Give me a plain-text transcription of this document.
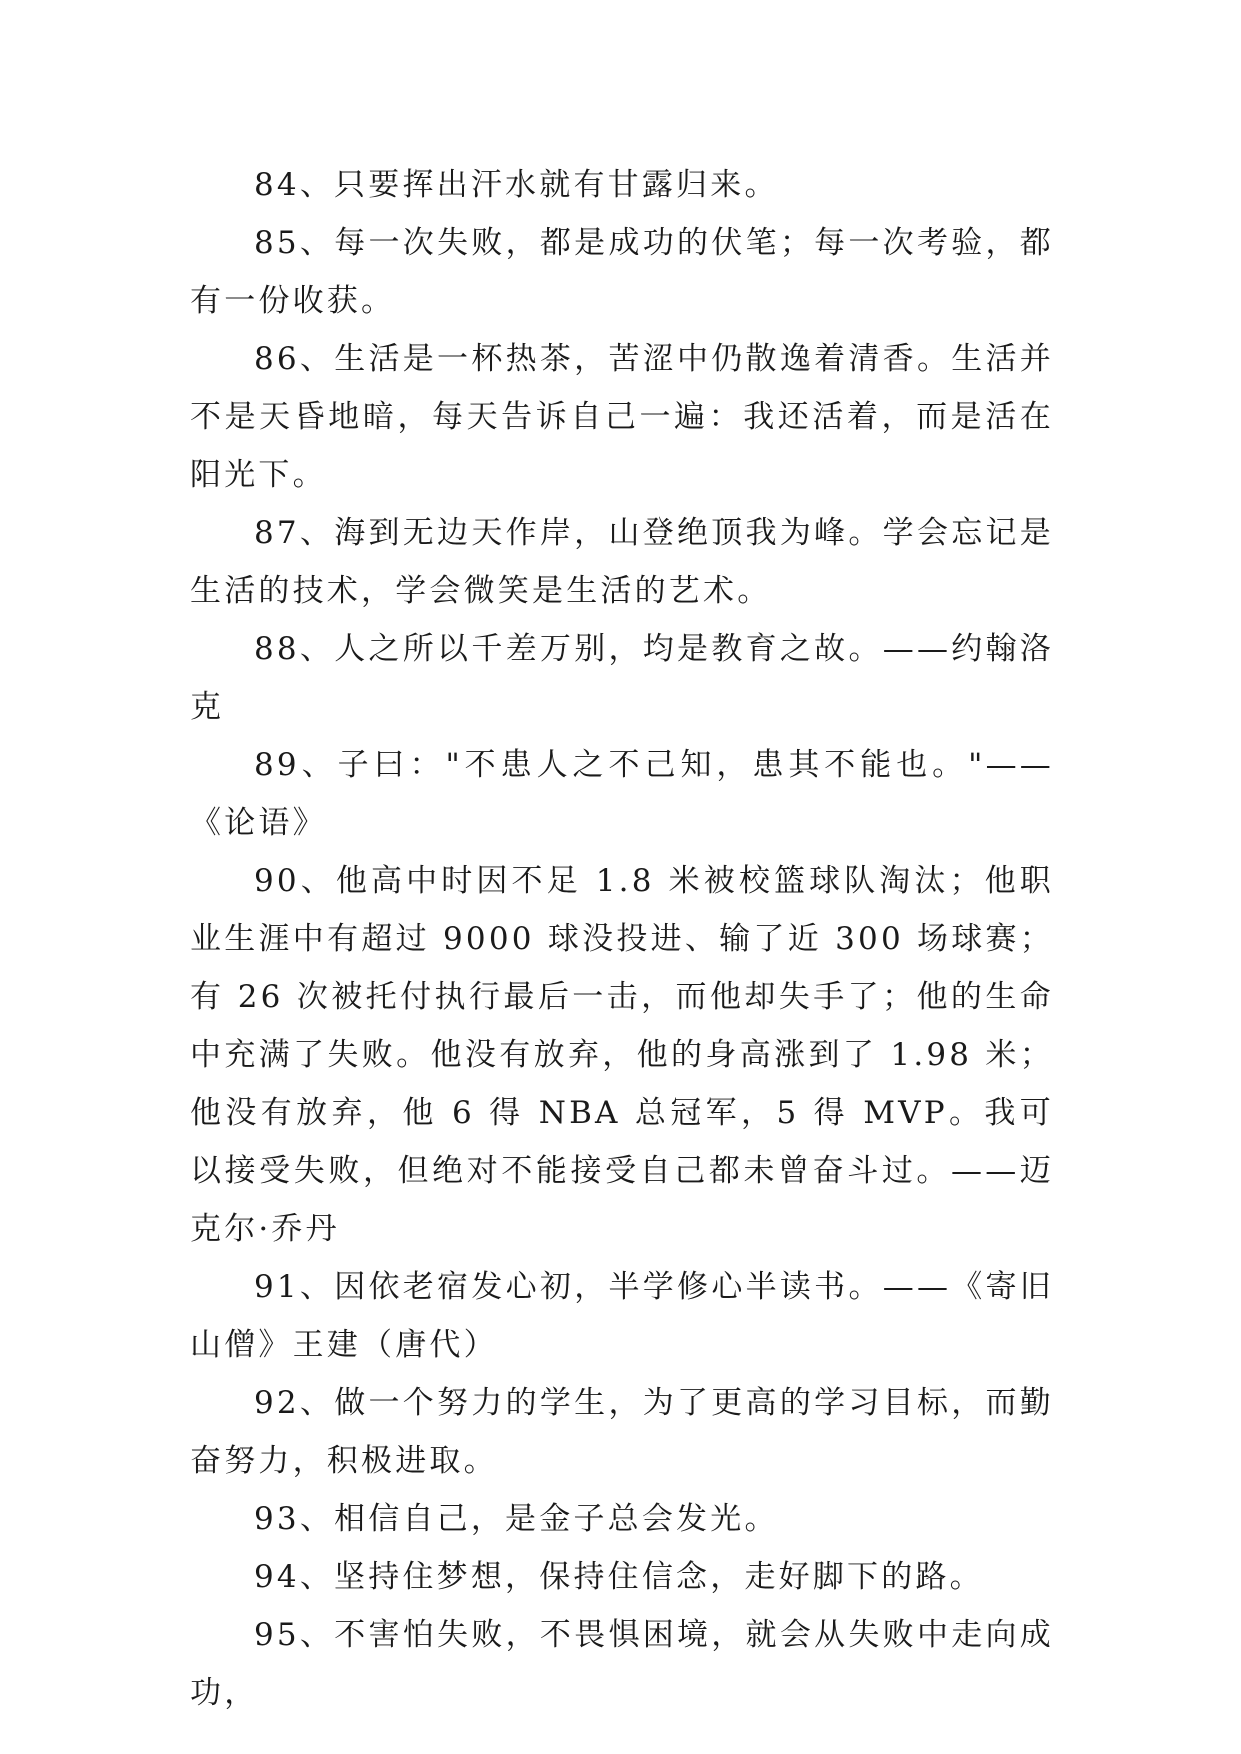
84、只要挥出汗水就有甘露归来。

85、每一次失败，都是成功的伏笔；每一次考验，都有一份收获。

86、生活是一杯热茶，苦涩中仍散逸着清香。生活并不是天昏地暗，每天告诉自己一遍：我还活着，而是活在阳光下。

87、海到无边天作岸，山登绝顶我为峰。学会忘记是生活的技术，学会微笑是生活的艺术。

88、人之所以千差万别，均是教育之故。——约翰洛克

89、子曰："不患人之不己知，患其不能也。"——《论语》

90、他高中时因不足 1.8 米被校篮球队淘汰；他职业生涯中有超过 9000 球没投进、输了近 300 场球赛；有 26 次被托付执行最后一击，而他却失手了；他的生命中充满了失败。他没有放弃，他的身高涨到了 1.98 米；他没有放弃，他 6 得 NBA 总冠军，5 得 MVP。我可以接受失败，但绝对不能接受自己都未曾奋斗过。——迈克尔·乔丹

91、因依老宿发心初，半学修心半读书。——《寄旧山僧》王建（唐代）

92、做一个努力的学生，为了更高的学习目标，而勤奋努力，积极进取。

93、相信自己，是金子总会发光。

94、坚持住梦想，保持住信念，走好脚下的路。

95、不害怕失败，不畏惧困境，就会从失败中走向成功，
